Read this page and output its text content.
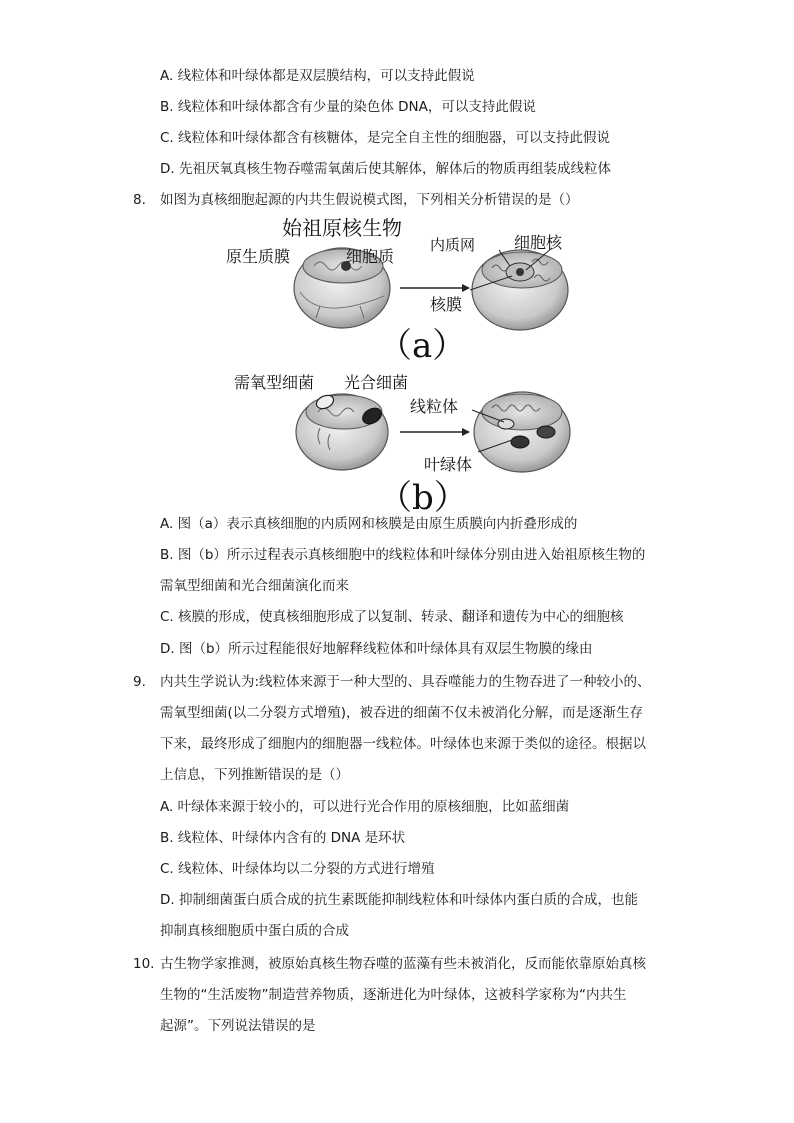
A. 线粒体和叶绿体都是双层膜结构，可以支持此假说
B. 线粒体和叶绿体都含有少量的染色体 DNA，可以支持此假说
C. 线粒体和叶绿体都含有核糖体，是完全自主性的细胞器，可以支持此假说
D. 先祖厌氧真核生物吞噬需氧菌后使其解体，解体后的物质再组装成线粒体
8. 如图为真核细胞起源的内共生假说模式图，下列相关分析错误的是（）
始祖原核生物
原生质膜	细胞质
内质网 细胞核
核膜
（a）
需氧型细菌 光合细菌
线粒体
叶绿体
（b）
A. 图（a）表示真核细胞的内质网和核膜是由原生质膜向内折叠形成的
B. 图（b）所示过程表示真核细胞中的线粒体和叶绿体分别由进入始祖原核生物的
需氧型细菌和光合细菌演化而来
C. 核膜的形成，使真核细胞形成了以复制、转录、翻译和遗传为中心的细胞核
D. 图（b）所示过程能很好地解释线粒体和叶绿体具有双层生物膜的缘由
9. 内共生学说认为:线粒体来源于一种大型的、具吞噬能力的生物吞进了一种较小的、
需氧型细菌(以二分裂方式增殖)，被吞进的细菌不仅未被消化分解，而是逐渐生存
下来，最终形成了细胞内的细胞器一线粒体。叶绿体也来源于类似的途径。根据以
上信息，下列推断错误的是（）
A. 叶绿体来源于较小的，可以进行光合作用的原核细胞，比如蓝细菌
B. 线粒体、叶绿体内含有的 DNA 是环状
C. 线粒体、叶绿体均以二分裂的方式进行增殖
D. 抑制细菌蛋白质合成的抗生素既能抑制线粒体和叶绿体内蛋白质的合成，也能
抑制真核细胞质中蛋白质的合成
10. 古生物学家推测，被原始真核生物吞噬的蓝藻有些未被消化，反而能依靠原始真核
生物的“生活废物”制造营养物质，逐渐进化为叶绿体，这被科学家称为“内共生
起源”。下列说法错误的是
